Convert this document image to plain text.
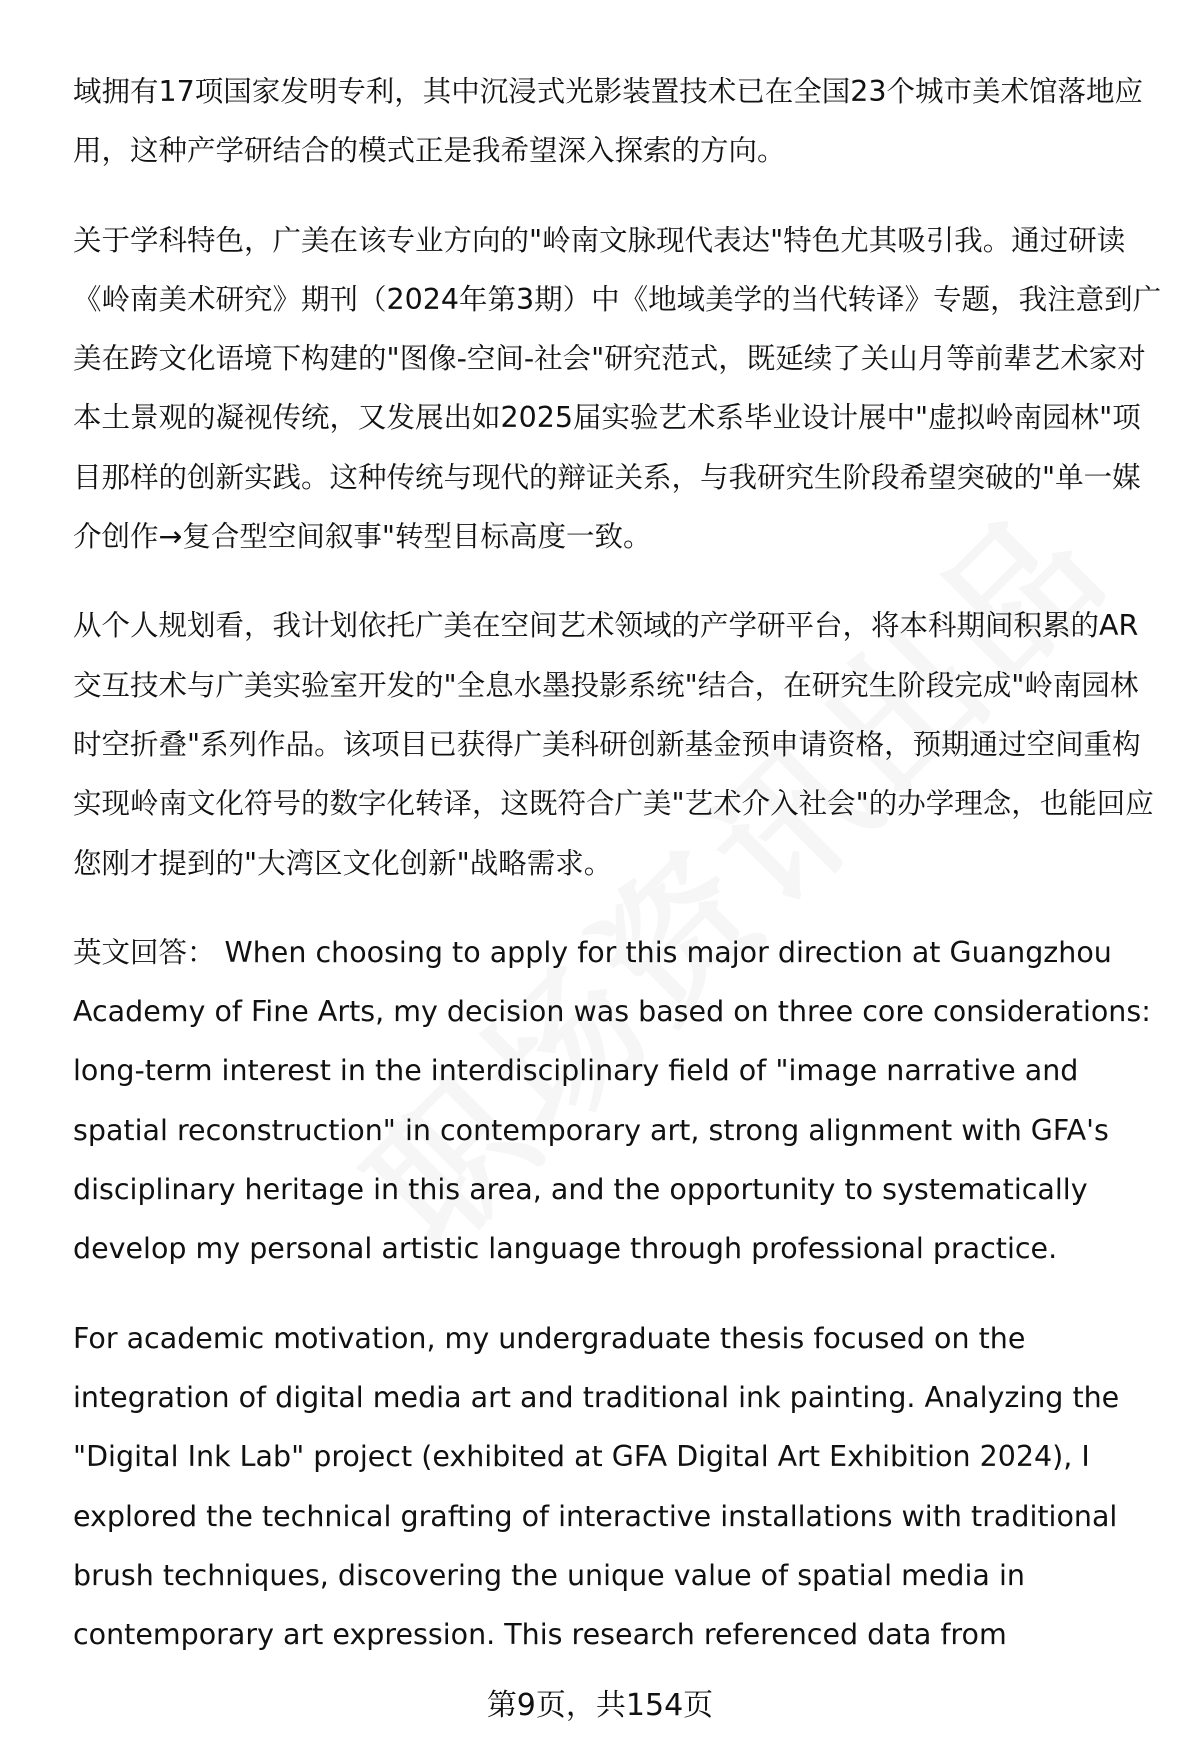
域拥有17项国家发明专利，其中沉浸式光影装置技术已在全国23个城市美术馆落地应用，这种产学研结合的模式正是我希望深入探索的方向。

关于学科特色，广美在该专业方向的"岭南文脉现代表达"特色尤其吸引我。通过研读《岭南美术研究》期刊（2024年第3期）中《地域美学的当代转译》专题，我注意到广美在跨文化语境下构建的"图像-空间-社会"研究范式，既延续了关山月等前辈艺术家对本土景观的凝视传统，又发展出如2025届实验艺术系毕业设计展中"虚拟岭南园林"项目那样的创新实践。这种传统与现代的辩证关系，与我研究生阶段希望突破的"单一媒介创作→复合型空间叙事"转型目标高度一致。

从个人规划看，我计划依托广美在空间艺术领域的产学研平台，将本科期间积累的AR交互技术与广美实验室开发的"全息水墨投影系统"结合，在研究生阶段完成"岭南园林时空折叠"系列作品。该项目已获得广美科研创新基金预申请资格，预期通过空间重构实现岭南文化符号的数字化转译，这既符合广美"艺术介入社会"的办学理念，也能回应您刚才提到的"大湾区文化创新"战略需求。

英文回答： When choosing to apply for this major direction at Guangzhou Academy of Fine Arts, my decision was based on three core considerations: long-term interest in the interdisciplinary field of "image narrative and spatial reconstruction" in contemporary art, strong alignment with GFA's disciplinary heritage in this area, and the opportunity to systematically develop my personal artistic language through professional practice.

For academic motivation, my undergraduate thesis focused on the integration of digital media art and traditional ink painting. Analyzing the "Digital Ink Lab" project (exhibited at GFA Digital Art Exhibition 2024), I explored the technical grafting of interactive installations with traditional brush techniques, discovering the unique value of spatial media in contemporary art expression. This research referenced data from

第9页，共154页
